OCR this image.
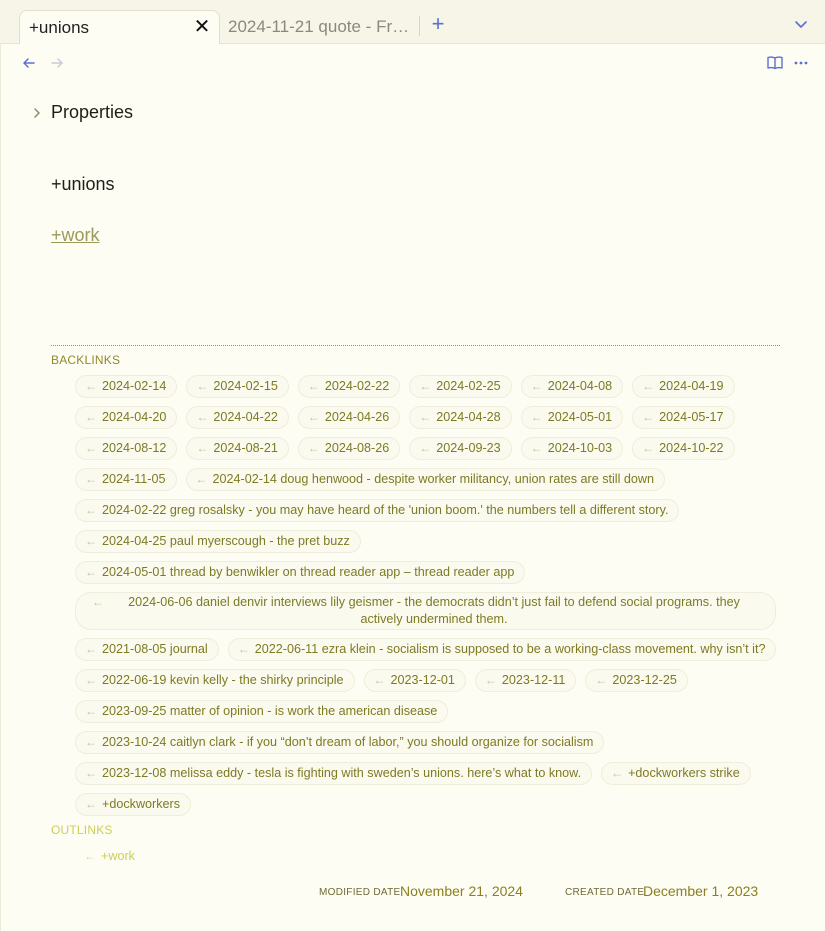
+unions	✕ 2024-11-21 quote - Fr… +
Properties
+unions
+work
BACKLINKS
← 2024-02-14	← 2024-02-15	← 2024-02-22	← 2024-02-25	← 2024-04-08	← 2024-04-19
← 2024-04-20	← 2024-04-22	← 2024-04-26	← 2024-04-28	← 2024-05-01	← 2024-05-17
← 2024-08-12	← 2024-08-21	← 2024-08-26	← 2024-09-23	← 2024-10-03	← 2024-10-22
← 2024-11-05	← 2024-02-14 doug henwood - despite worker militancy, union rates are still down
← 2024-02-22 greg rosalsky - you may have heard of the 'union boom.' the numbers tell a different story.
← 2024-04-25 paul myerscough - the pret buzz
← 2024-05-01 thread by benwikler on thread reader app – thread reader app
←	2024-06-06 daniel denvir interviews lily geismer - the democrats didn’t just fail to defend social programs. they actively undermined them.
← 2021-08-05 journal	← 2022-06-11 ezra klein - socialism is supposed to be a working-class movement. why isn’t it?
← 2022-06-19 kevin kelly - the shirky principle	← 2023-12-01	← 2023-12-11	← 2023-12-25
← 2023-09-25 matter of opinion - is work the american disease
← 2023-10-24 caitlyn clark - if you “don’t dream of labor,” you should organize for socialism
← 2023-12-08 melissa eddy - tesla is fighting with sweden’s unions. here’s what to know.	← +dockworkers strike
← +dockworkers
OUTLINKS
← +work
MODIFIED DATE November 21, 2024	CREATED DATE
December 1, 2023
